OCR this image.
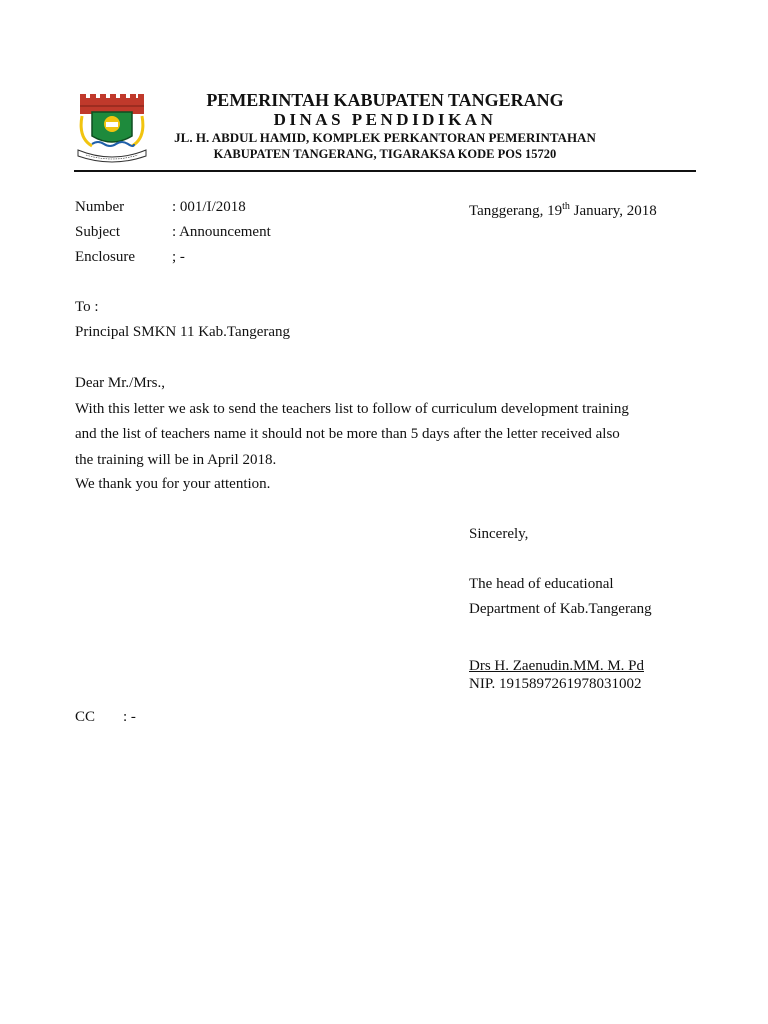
PEMERINTAH KABUPATEN TANGERANG
DINAS PENDIDIKAN
JL. H. ABDUL HAMID, KOMPLEK PERKANTORAN PEMERINTAHAN
KABUPATEN TANGERANG, TIGARAKSA KODE POS 15720
Number	: 001/I/2018
Subject	: Announcement
Enclosure ; -
Tanggerang, 19th January, 2018
To :
Principal SMKN 11 Kab.Tangerang
Dear Mr./Mrs.,
With this letter we ask to send the teachers list to follow of curriculum development training
and the list of teachers name it should not be more than 5 days after the letter received also
the training will be in April 2018.
We thank you for your attention.
Sincerely,
The head of educational
Department of Kab.Tangerang
Drs H. Zaenudin.MM. M. Pd
NIP. 1915897261978031002
CC : -
